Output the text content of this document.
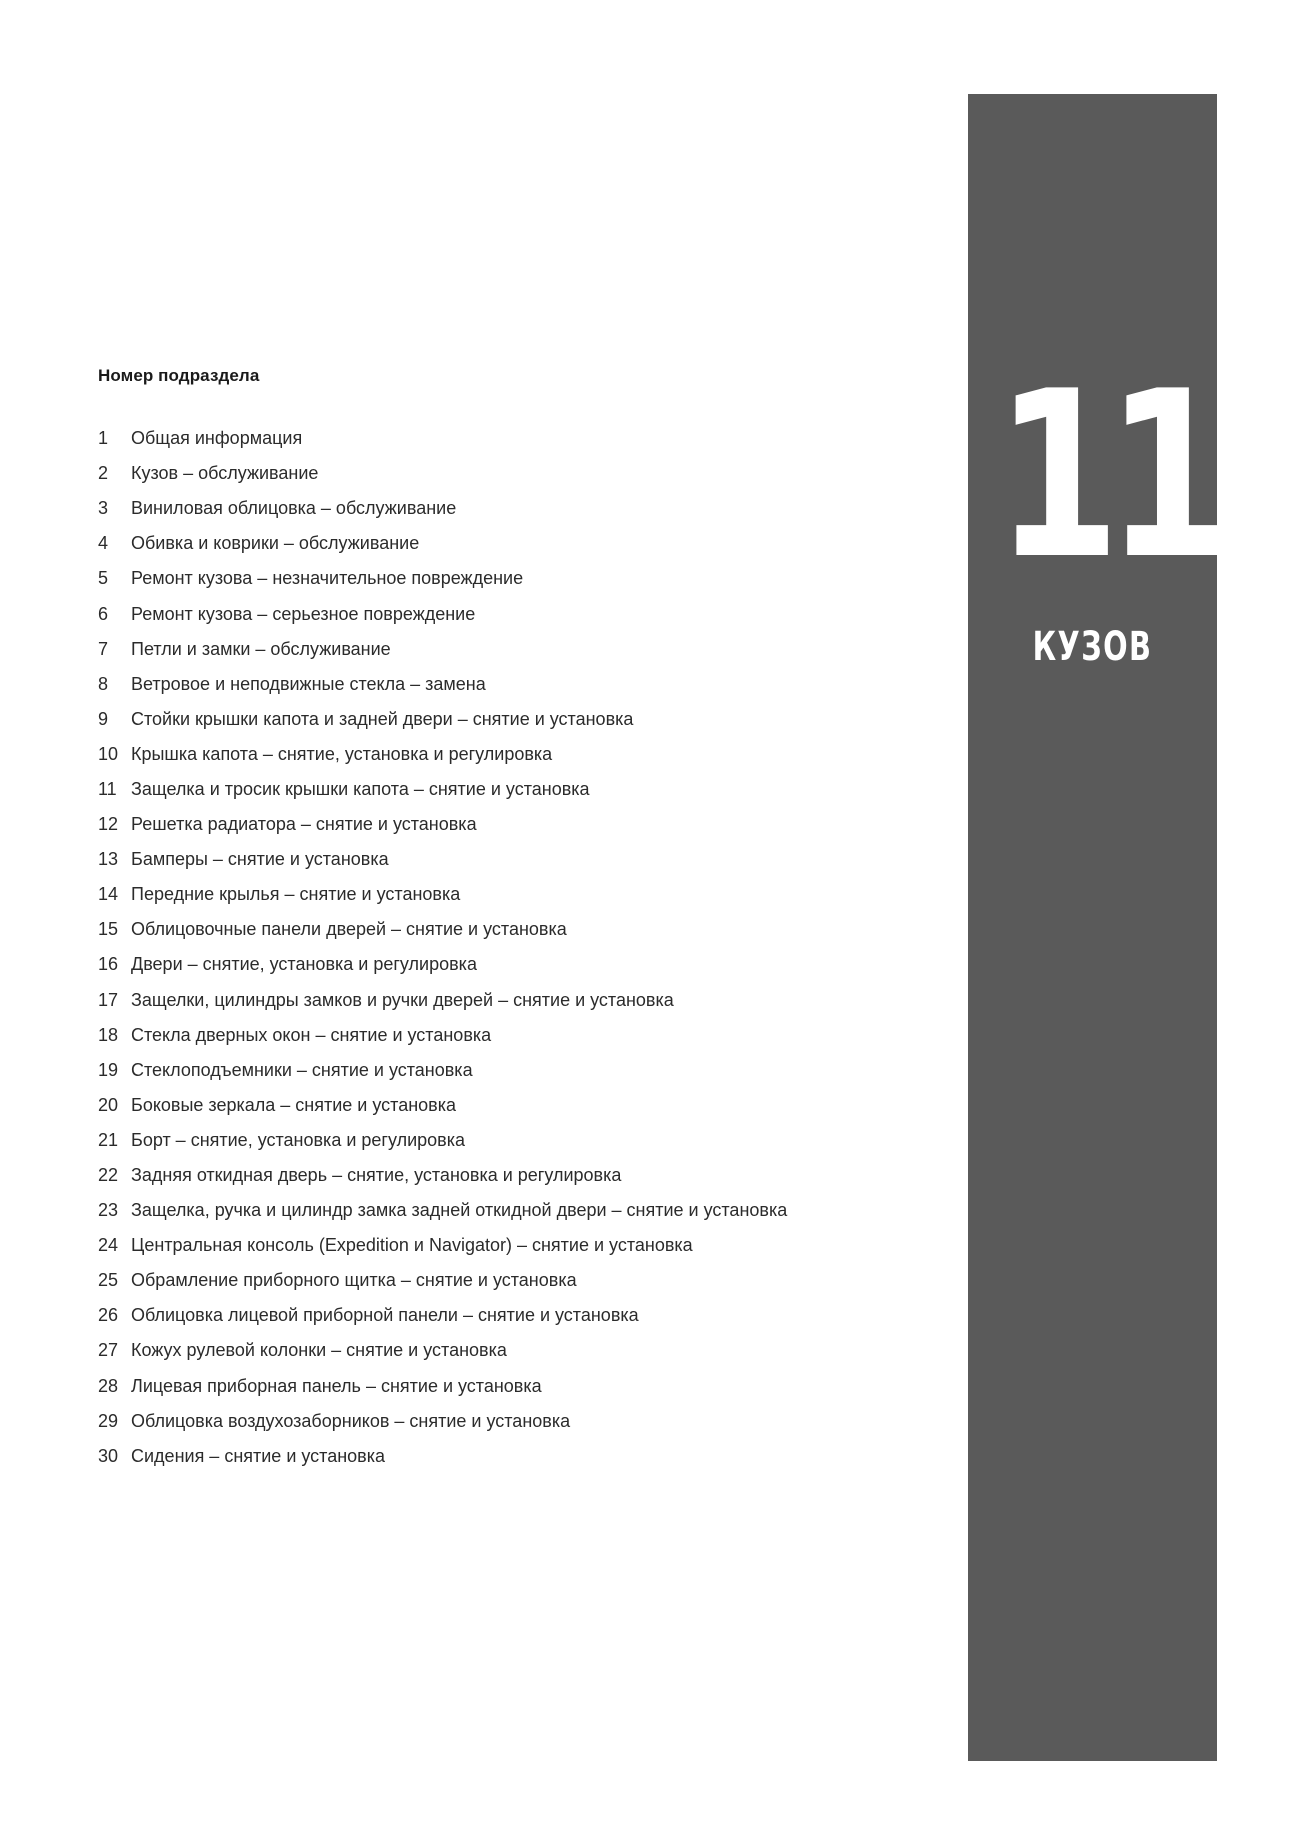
Номер подраздела
1	Общая информация
2	Кузов – обслуживание
3	Виниловая облицовка – обслуживание
4	Обивка и коврики – обслуживание
5	Ремонт кузова – незначительное повреждение
6	Ремонт кузова – серьезное повреждение
7	Петли и замки – обслуживание
8	Ветровое и неподвижные стекла – замена
9	Стойки крышки капота и задней двери – снятие и установка
10 Крышка капота – снятие, установка и регулировка
11 Защелка и тросик крышки капота – снятие и установка
12 Решетка радиатора – снятие и установка
13 Бамперы – снятие и установка
14 Передние крылья – снятие и установка
15 Облицовочные панели дверей – снятие и установка
16 Двери – снятие, установка и регулировка
17 Защелки, цилиндры замков и ручки дверей – снятие и установка
18 Стекла дверных окон – снятие и установка
19 Стеклоподъемники – снятие и установка
20 Боковые зеркала – снятие и установка
21 Борт – снятие, установка и регулировка
22 Задняя откидная дверь – снятие, установка и регулировка
23 Защелка, ручка и цилиндр замка задней откидной двери – снятие и установка
24 Центральная консоль (Expedition и Navigator) – снятие и установка
25 Обрамление приборного щитка – снятие и установка
26 Облицовка лицевой приборной панели – снятие и установка
27 Кожух рулевой колонки – снятие и установка
28 Лицевая приборная панель – снятие и установка
29 Облицовка воздухозаборников – снятие и установка
30 Сидения – снятие и установка
11
КУЗОВ
